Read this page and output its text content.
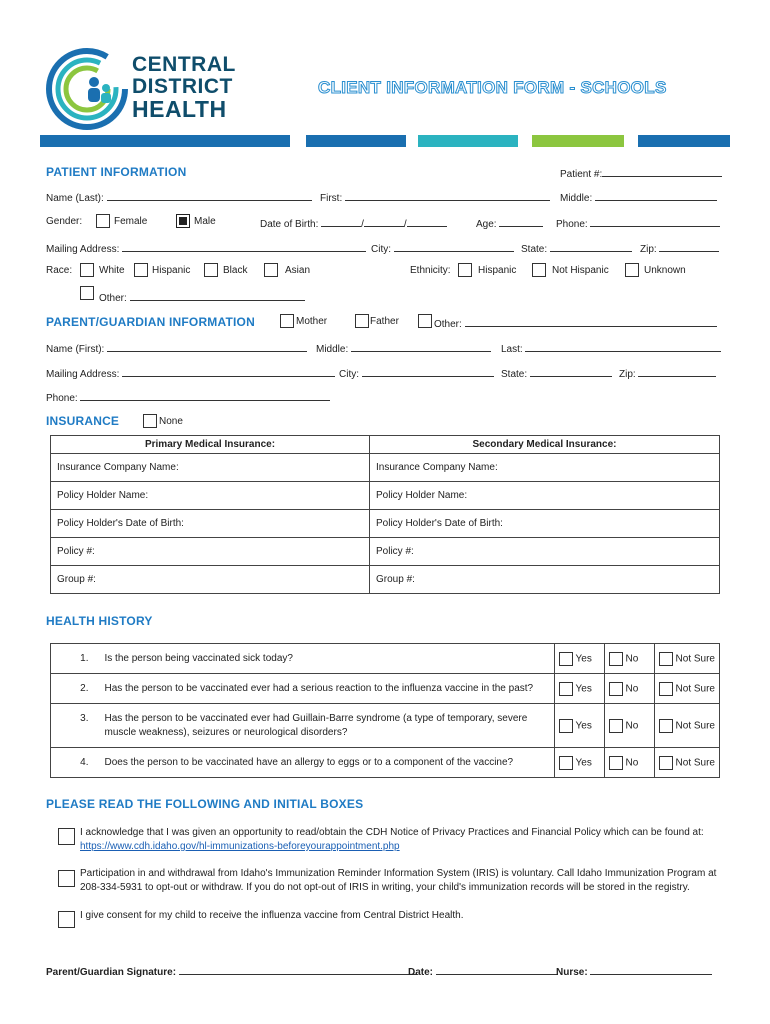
CENTRAL
DISTRICT
HEALTH
CLIENT INFORMATION FORM - SCHOOLS
PATIENT INFORMATION	Patient #:
Name (Last):	First:	Middle:
Gender:	Female	Male	Date of Birth:	/	/	Age:	Phone:
Mailing Address:	City:	State:	Zip:
Race:	White	Hispanic	Black	Asian	Ethnicity:	Hispanic	Not Hispanic	Unknown
Other:
PARENT/GUARDIAN INFORMATION	Mother	Father	Other:
Name (First):	Middle:	Last:
Mailing Address:	City:	State:	Zip:
Phone:
INSURANCE	None
Primary Medical Insurance:	Secondary Medical Insurance:
Insurance Company Name:	Insurance Company Name:
Policy Holder Name:	Policy Holder Name:
Policy Holder's Date of Birth:	Policy Holder's Date of Birth:
Policy #:	Policy #:
Group #:	Group #:
HEALTH HISTORY
1.	Is the person being vaccinated sick today?	Yes	No	Not Sure
2.	Has the person to be vaccinated ever had a serious reaction to the influenza vaccine in the past?	Yes	No	Not Sure
3.	Has the person to be vaccinated ever had Guillain-Barre syndrome (a type of temporary, severe muscle weakness), seizures or neurological disorders?	Yes	No	Not Sure
4.	Does the person to be vaccinated have an allergy to eggs or to a component of the vaccine?	Yes	No	Not Sure
PLEASE READ THE FOLLOWING AND INITIAL BOXES
I acknowledge that I was given an opportunity to read/obtain the CDH Notice of Privacy Practices and Financial Policy which can be found at:
https://www.cdh.idaho.gov/hl-immunizations-beforeyourappointment.php
Participation in and withdrawal from Idaho's Immunization Reminder Information System (IRIS) is voluntary. Call Idaho Immunization Program at 208-334-5931 to opt-out or withdraw. If you do not opt-out of IRIS in writing, your child's immunization records will be stored in the registry.
I give consent for my child to receive the influenza vaccine from Central District Health.
Parent/Guardian Signature:	Date:	Nurse:
